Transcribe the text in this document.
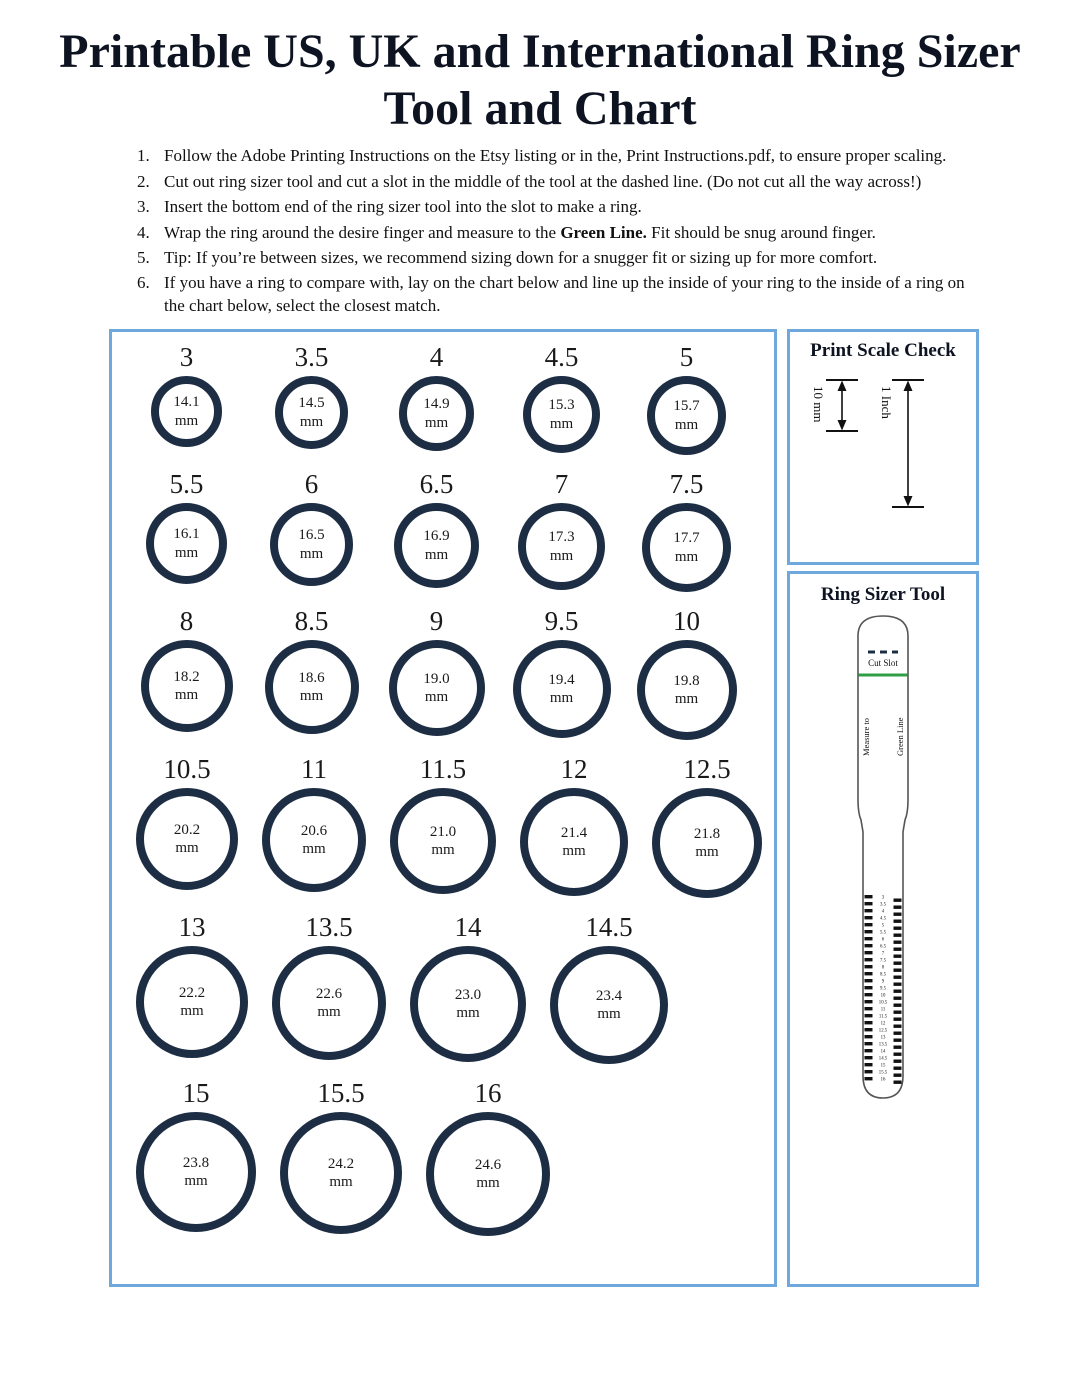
Printable US, UK and International Ring Sizer Tool and Chart
1. Follow the Adobe Printing Instructions on the Etsy listing or in the, Print Instructions.pdf, to ensure proper scaling.
2. Cut out ring sizer tool and cut a slot in the middle of the tool at the dashed line. (Do not cut all the way across!)
3. Insert the bottom end of the ring sizer tool into the slot to make a ring.
4. Wrap the ring around the desire finger and measure to the Green Line. Fit should be snug around finger.
5. Tip: If you’re between sizes, we recommend sizing down for a snugger fit or sizing up for more comfort.
6. If you have a ring to compare with, lay on the chart below and line up the inside of your ring to the inside of a ring on the chart below, select the closest match.
3
14.1
mm
3.5
14.5
mm
4
14.9
mm
4.5
15.3
mm
5
15.7
mm
5.5
16.1
mm
6
16.5
mm
6.5
16.9
mm
7
17.3
mm
7.5
17.7
mm
8
18.2
mm
8.5
18.6
mm
9
19.0
mm
9.5
19.4
mm
10
19.8
mm
10.5
20.2
mm
11
20.6
mm
11.5
21.0
mm
12
21.4
mm
12.5
21.8
mm
13
22.2
mm
13.5
22.6
mm
14
23.0
mm
14.5
23.4
mm
15
23.8
mm
15.5
24.2
mm
16
24.6
mm
Print Scale Check
10 mm	1 Inch
Ring Sizer Tool
Cut Slot
Measure to	Green Line
3
3.5
4
4.5
5
5.5
6
6.5
7
7.5
8
8.5
9
9.5
10
10.5
11
11.5
12
12.5
13
13.5
14
14.5
15
15.5
16
